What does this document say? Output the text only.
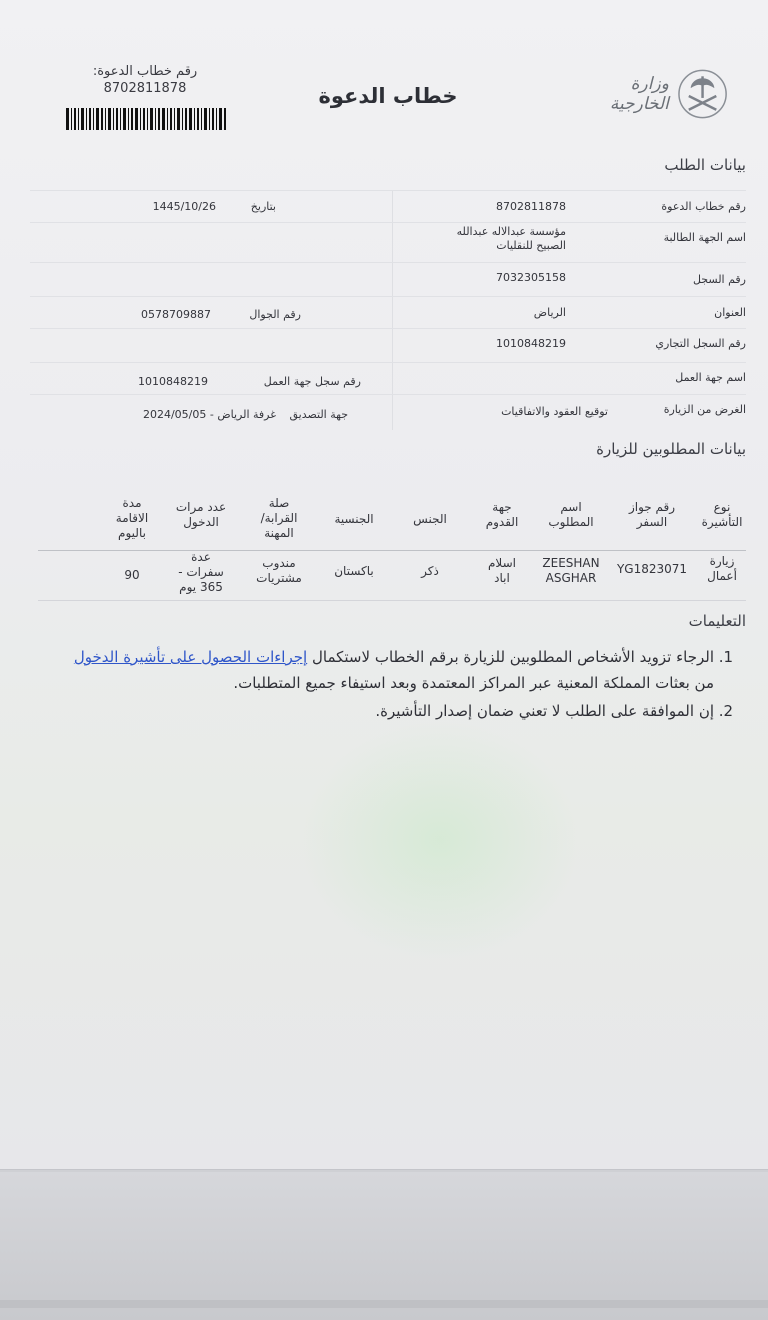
وزارة الخارجية
خطاب الدعوة
رقم خطاب الدعوة:
8702811878
بيانات الطلب
رقم خطاب الدعوة
8702811878
بتاريخ
1445/10/26
اسم الجهة الطالبة
مؤسسة عبدالاله عبدالله
الصبيح للنقليات
رقم السجل
7032305158
العنوان
الرياض
رقم الجوال
0578709887
رقم السجل التجاري
1010848219
اسم جهة العمل
رقم سجل جهة العمل
1010848219
الغرض من الزيارة
توقيع العقود والاتفاقيات
جهة التصديق
غرفة الرياض - 2024/05/05
بيانات المطلوبين للزيارة
نوع
التأشيرة
رقم جواز
السفر
اسم
المطلوب
جهة
القدوم
الجنس
الجنسية
صلة
القرابة/
المهنة
عدد مرات
الدخول
مدة
الاقامة
باليوم
زيارة
أعمال
YG1823071
ZEESHAN
ASGHAR
اسلام
اباد
ذكر
باكستان
مندوب
مشتريات
عدة
سفرات -
365 يوم
90
التعليمات
1. الرجاء تزويد الأشخاص المطلوبين للزيارة برقم الخطاب لاستكمال إجراءات الحصول على تأشيرة الدخول من بعثات المملكة المعنية عبر المراكز المعتمدة وبعد استيفاء جميع المتطلبات.
2. إن الموافقة على الطلب لا تعني ضمان إصدار التأشيرة.
